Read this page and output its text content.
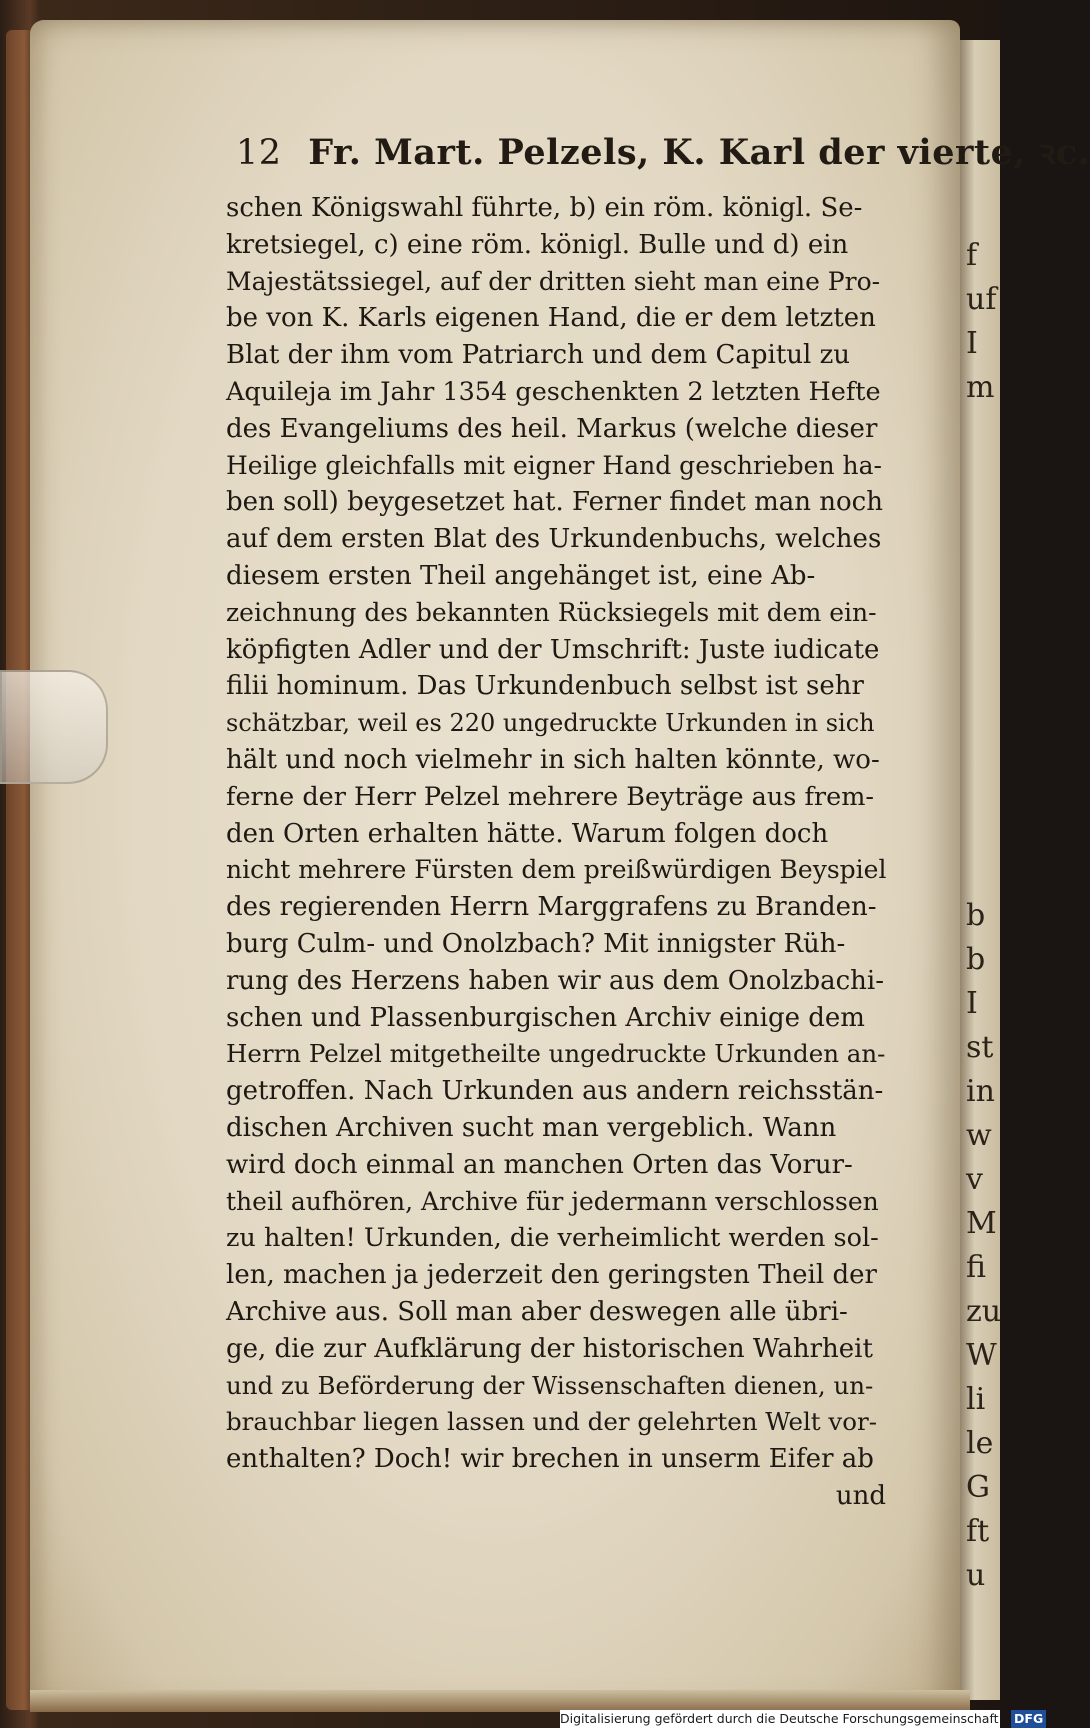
f
uf
I
m

b
b
I
st
in
w
v
M
fi
zu
W
li
le
G
ft
u

12 Fr. Mart. Pelzels, K. Karl der vierte, ꝛc.
schen Königswahl führte, b) ein röm. königl. Se-
kretsiegel, c) eine röm. königl. Bulle und d) ein
Majestätssiegel, auf der dritten sieht man eine Pro-
be von K. Karls eigenen Hand, die er dem letzten
Blat der ihm vom Patriarch und dem Capitul zu
Aquileja im Jahr 1354 geschenkten 2 letzten Hefte
des Evangeliums des heil. Markus (welche dieser
Heilige gleichfalls mit eigner Hand geschrieben ha-
ben soll) beygesetzet hat. Ferner findet man noch
auf dem ersten Blat des Urkundenbuchs, welches
diesem ersten Theil angehänget ist, eine Ab-
zeichnung des bekannten Rücksiegels mit dem ein-
köpfigten Adler und der Umschrift: Juste iudicate
filii hominum. Das Urkundenbuch selbst ist sehr
schätzbar, weil es 220 ungedruckte Urkunden in sich
hält und noch vielmehr in sich halten könnte, wo-
ferne der Herr Pelzel mehrere Beyträge aus frem-
den Orten erhalten hätte. Warum folgen doch
nicht mehrere Fürsten dem preißwürdigen Beyspiel
des regierenden Herrn Marggrafens zu Branden-
burg Culm- und Onolzbach? Mit innigster Rüh-
rung des Herzens haben wir aus dem Onolzbachi-
schen und Plassenburgischen Archiv einige dem
Herrn Pelzel mitgetheilte ungedruckte Urkunden an-
getroffen. Nach Urkunden aus andern reichsstän-
dischen Archiven sucht man vergeblich. Wann
wird doch einmal an manchen Orten das Vorur-
theil aufhören, Archive für jedermann verschlossen
zu halten! Urkunden, die verheimlicht werden sol-
len, machen ja jederzeit den geringsten Theil der
Archive aus. Soll man aber deswegen alle übri-
ge, die zur Aufklärung der historischen Wahrheit
und zu Beförderung der Wissenschaften dienen, un-
brauchbar liegen lassen und der gelehrten Welt vor-
enthalten? Doch! wir brechen in unserm Eifer ab
und
Digitalisierung gefördert durch die Deutsche Forschungsgemeinschaft - DFG
